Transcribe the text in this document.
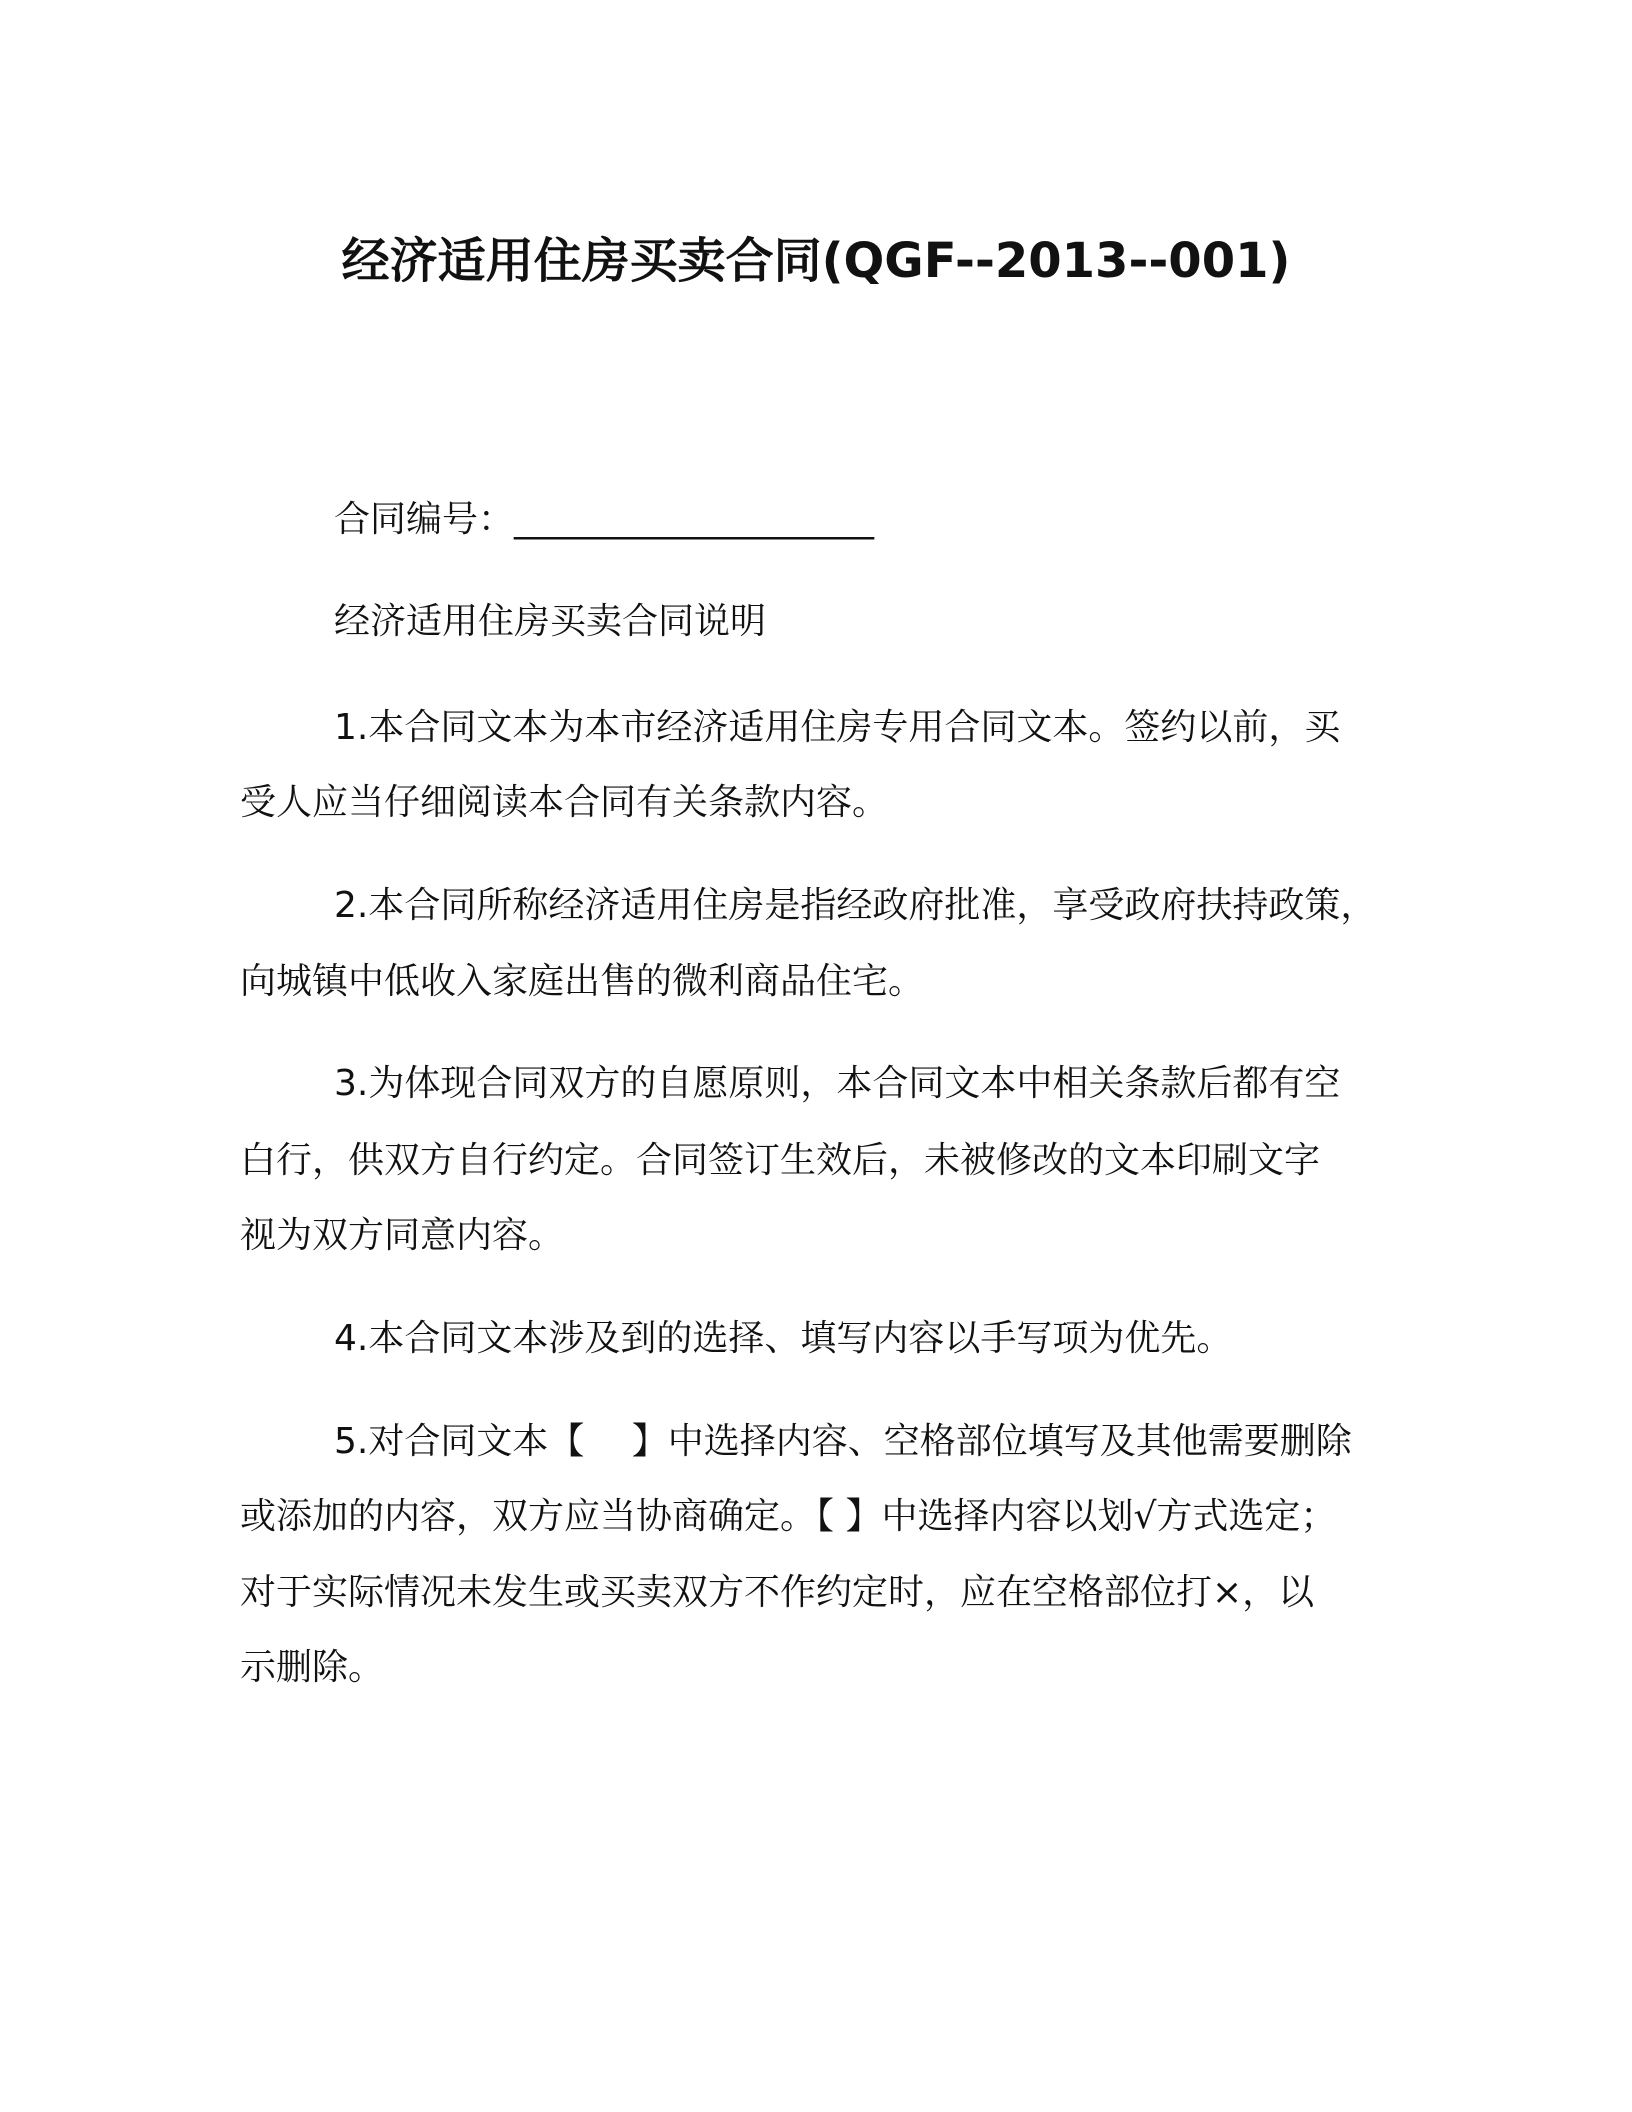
经济适用住房买卖合同(QGF--2013--001)
合同编号：____________________
经济适用住房买卖合同说明
1.本合同文本为本市经济适用住房专用合同文本。签约以前，买
受人应当仔细阅读本合同有关条款内容。
2.本合同所称经济适用住房是指经政府批准，享受政府扶持政策，
向城镇中低收入家庭出售的微利商品住宅。
3.为体现合同双方的自愿原则，本合同文本中相关条款后都有空
白行，供双方自行约定。合同签订生效后，未被修改的文本印刷文字
视为双方同意内容。
4.本合同文本涉及到的选择、填写内容以手写项为优先。
5.对合同文本【　 】中选择内容、空格部位填写及其他需要删除
或添加的内容，双方应当协商确定。【 】中选择内容以划√方式选定；
对于实际情况未发生或买卖双方不作约定时，应在空格部位打×，以
示删除。
